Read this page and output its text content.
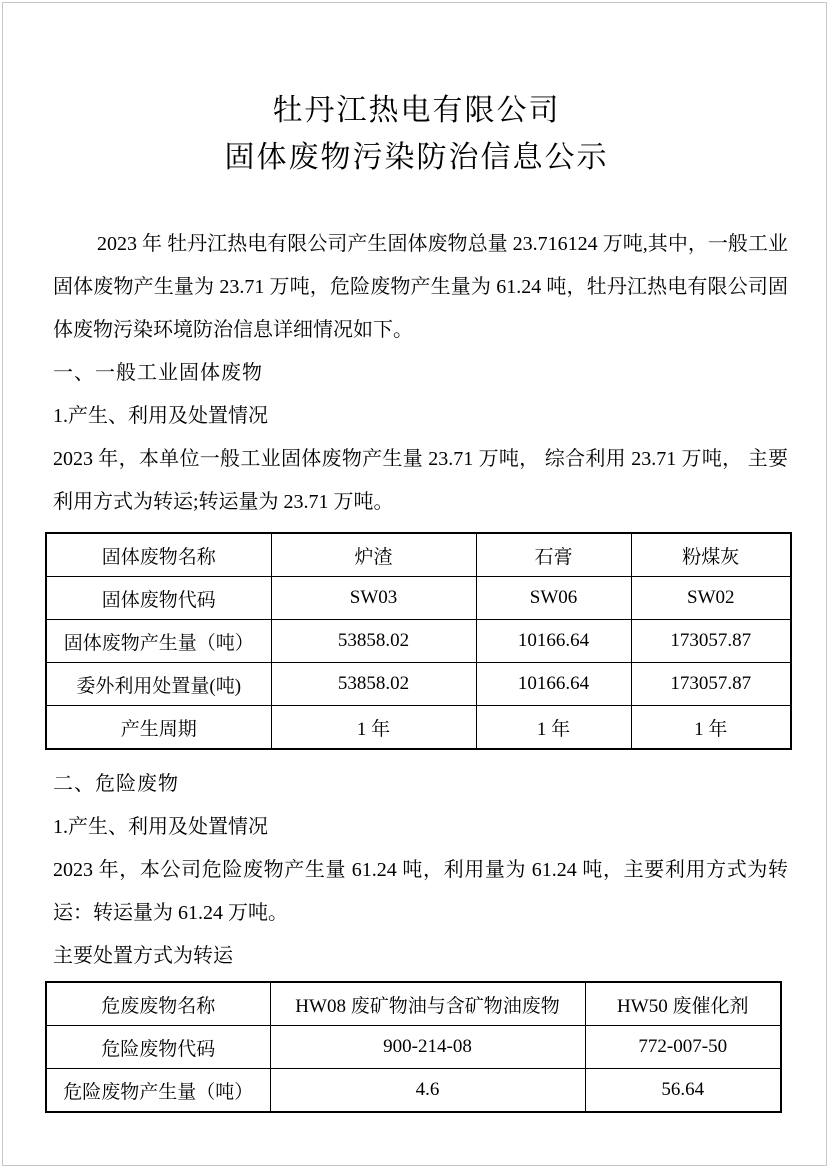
牡丹江热电有限公司
固体废物污染防治信息公示

2023 年 牡丹江热电有限公司产生固体废物总量 23.716124 万吨,其中，一般工业固体废物产生量为 23.71 万吨，危险废物产生量为 61.24 吨，牡丹江热电有限公司固体废物污染环境防治信息详细情况如下。

一、一般工业固体废物

1.产生、利用及处置情况

2023 年，本单位一般工业固体废物产生量 23.71 万吨， 综合利用 23.71 万吨， 主要利用方式为转运;转运量为 23.71 万吨。

固体废物名称	炉渣	石膏	粉煤灰
固体废物代码	SW03	SW06	SW02
固体废物产生量（吨）	53858.02	10166.64	173057.87
委外利用处置量(吨)	53858.02	10166.64	173057.87
产生周期	1 年	1 年	1 年

二、危险废物

1.产生、利用及处置情况

2023 年，本公司危险废物产生量 61.24 吨，利用量为 61.24 吨，主要利用方式为转运：转运量为 61.24 万吨。

主要处置方式为转运

危废废物名称	HW08 废矿物油与含矿物油废物	HW50 废催化剂
危险废物代码	900-214-08	772-007-50
危险废物产生量（吨）	4.6	56.64
